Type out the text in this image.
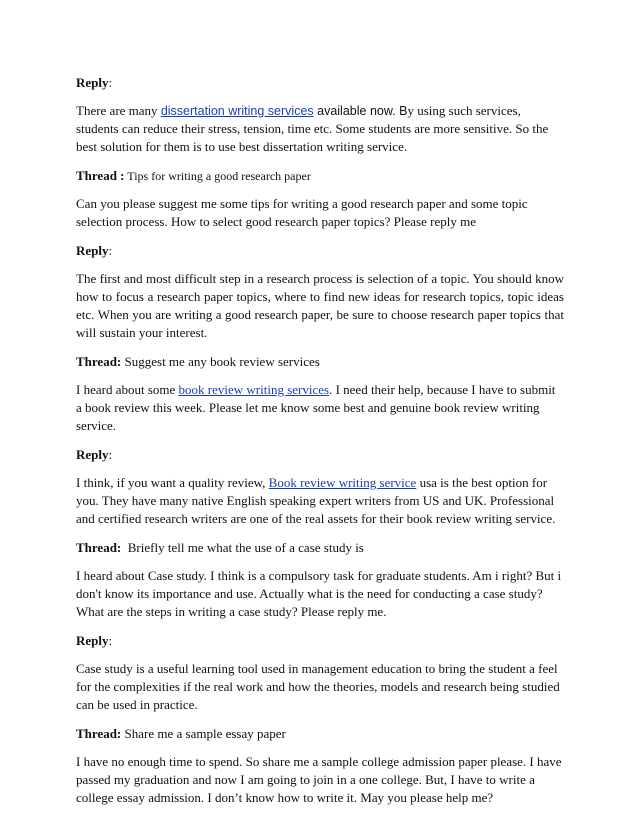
Reply:

There are many dissertation writing services available now. By using such services, students can reduce their stress, tension, time etc. Some students are more sensitive. So the best solution for them is to use best dissertation writing service.

Thread : Tips for writing a good research paper

Can you please suggest me some tips for writing a good research paper and some topic selection process. How to select good research paper topics? Please reply me

Reply:

The first and most difficult step in a research process is selection of a topic. You should know how to focus a research paper topics, where to find new ideas for research topics, topic ideas etc. When you are writing a good research paper, be sure to choose research paper topics that will sustain your interest.

Thread: Suggest me any book review services

I heard about some book review writing services. I need their help, because I have to submit a book review this week. Please let me know some best and genuine book review writing service.

Reply:

I think, if you want a quality review, Book review writing service usa is the best option for you. They have many native English speaking expert writers from US and UK. Professional and certified research writers are one of the real assets for their book review writing service.

Thread:  Briefly tell me what the use of a case study is

I heard about Case study. I think is a compulsory task for graduate students. Am i right? But i don't know its importance and use. Actually what is the need for conducting a case study? What are the steps in writing a case study? Please reply me.

Reply:

Case study is a useful learning tool used in management education to bring the student a feel for the complexities if the real work and how the theories, models and research being studied can be used in practice.

Thread: Share me a sample essay paper

I have no enough time to spend. So share me a sample college admission paper please. I have passed my graduation and now I am going to join in a one college. But, I have to write a college essay admission. I don’t know how to write it. May you please help me?
